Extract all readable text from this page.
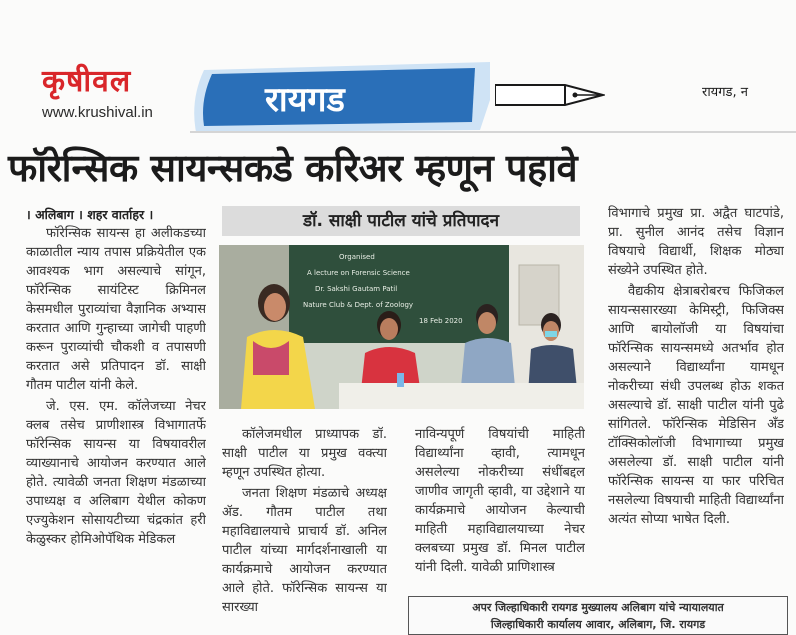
कृषीवल
www.krushival.in	रायगड	रायगड, न
फॉरेन्सिक सायन्सकडे करिअर म्हणून पहावे
। अलिबाग । शहर वार्ताहर ।

फॉरेन्सिक सायन्स हा अलीकडच्या काळातील न्याय तपास प्रक्रियेतील एक आवश्यक भाग असल्याचे सांगून, फॉरेन्सिक सायंटिस्ट क्रिमिनल केसमधील पुराव्यांचा वैज्ञानिक अभ्यास करतात आणि गुन्हाच्या जागेची पाहणी करून पुराव्यांची चौकशी व तपासणी करतात असे प्रतिपादन डॉ. साक्षी गौतम पाटील यांनी केले.

जे. एस. एम. कॉलेजच्या नेचर क्लब तसेच प्राणीशास्त्र विभागातर्फे फॉरेन्सिक सायन्स या विषयावरील व्याख्यानाचे आयोजन करण्यात आले होते. त्यावेळी जनता शिक्षण मंडळाच्या उपाध्यक्ष व अलिबाग येथील कोकण एज्युकेशन सोसायटीच्या चंद्रकांत हरी केळुस्कर होमिओपॅथिक मेडिकल

डॉ. साक्षी पाटील यांचे प्रतिपादन
Organised
A lecture on Forensic Science
Dr. Sakshi Gautam Patil
Nature Club & Dept. of Zoology
18 Feb 2020

कॉलेजमधील प्राध्यापक डॉ. साक्षी पाटील या प्रमुख वक्त्या म्हणून उपस्थित होत्या.

जनता शिक्षण मंडळाचे अध्यक्ष ॲड. गौतम पाटील तथा महाविद्यालयाचे प्राचार्य डॉ. अनिल पाटील यांच्या मार्गदर्शनाखाली या कार्यक्रमाचे आयोजन करण्यात आले होते. फॉरेन्सिक सायन्स या सारख्या

नाविन्यपूर्ण विषयांची माहिती विद्यार्थ्यांना व्हावी, त्यामधून असलेल्या नोकरीच्या संधींबद्दल जाणीव जागृती व्हावी, या उद्देशाने या कार्यक्रमाचे आयोजन केल्याची माहिती महाविद्यालयाच्या नेचर क्लबच्या प्रमुख डॉ. मिनल पाटील यांनी दिली. यावेळी प्राणिशास्त्र

विभागाचे प्रमुख प्रा. अद्वैत घाटपांडे, प्रा. सुनील आनंद तसेच विज्ञान विषयाचे विद्यार्थी, शिक्षक मोठ्या संख्येने उपस्थित होते.

वैद्यकीय क्षेत्राबरोबरच फिजिकल सायन्ससारख्या केमिस्ट्री, फिजिक्स आणि बायोलॉजी या विषयांचा फॉरेन्सिक सायन्समध्ये अतर्भाव होत असल्याने विद्यार्थ्यांना यामधून नोकरीच्या संधी उपलब्ध होऊ शकत असल्याचे डॉ. साक्षी पाटील यांनी पुढे सांगितले. फॉरेन्सिक मेडिसिन अँड टॉक्सिकोलॉजी विभागाच्या प्रमुख असलेल्या डॉ. साक्षी पाटील यांनी फॉरेन्सिक सायन्स या फार परिचित नसलेल्या विषयाची माहिती विद्यार्थ्यांना अत्यंत सोप्या भाषेत दिली.

अपर जिल्हाधिकारी रायगड मुख्यालय अलिबाग यांचे न्यायालयात
जिल्हाधिकारी कार्यालय आवार, अलिबाग, जि. रायगड
